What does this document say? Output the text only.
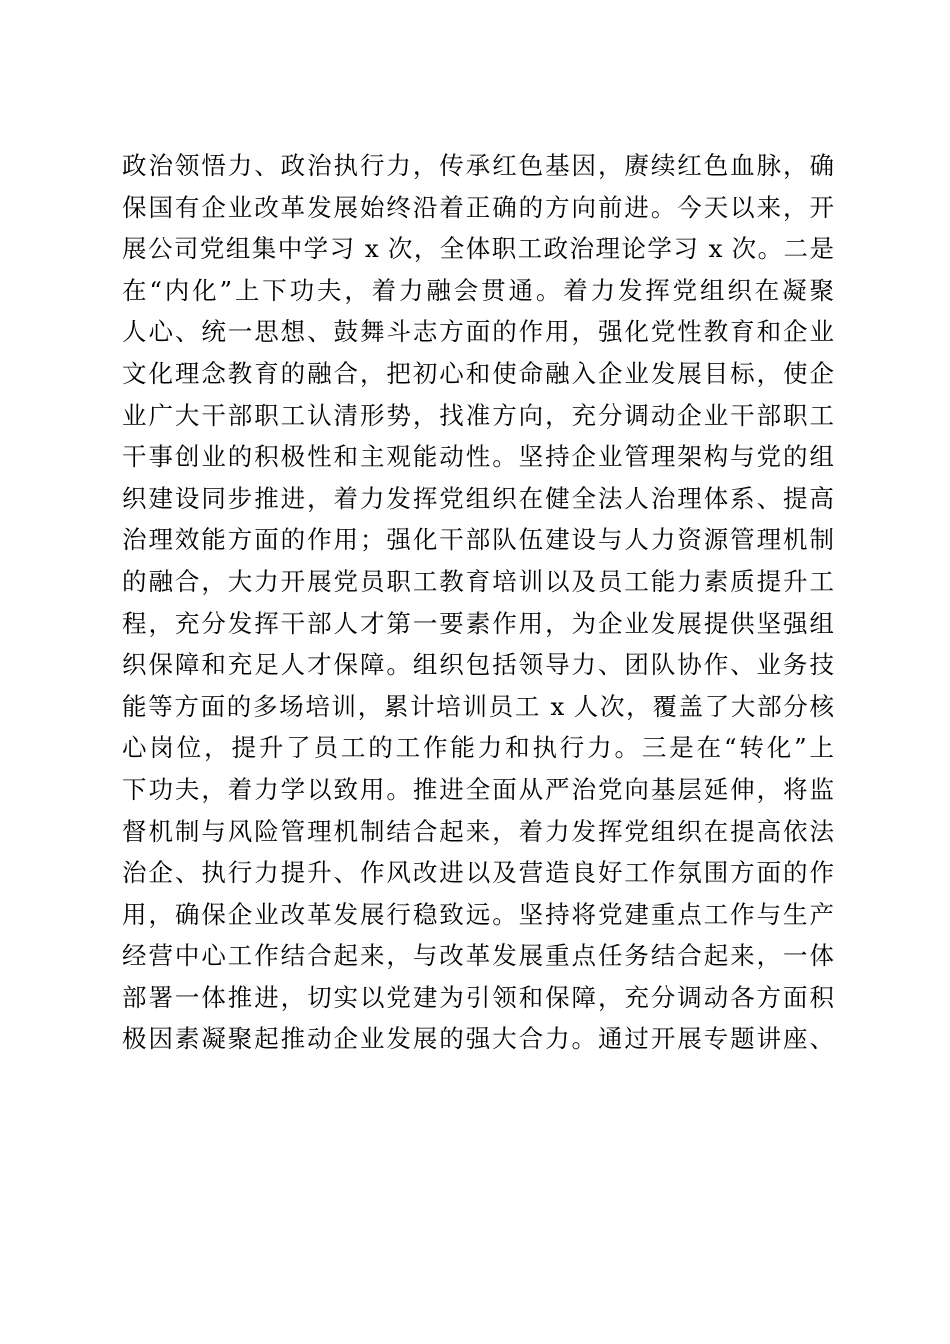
政治领悟力、政治执行力，传承红色基因，赓续红色血脉，确
保国有企业改革发展始终沿着正确的方向前进。今天以来，开
展公司党组集中学习 x 次，全体职工政治理论学习 x 次。二是
在“内化”上下功夫，着力融会贯通。着力发挥党组织在凝聚
人心、统一思想、鼓舞斗志方面的作用，强化党性教育和企业
文化理念教育的融合，把初心和使命融入企业发展目标，使企
业广大干部职工认清形势，找准方向，充分调动企业干部职工
干事创业的积极性和主观能动性。坚持企业管理架构与党的组
织建设同步推进，着力发挥党组织在健全法人治理体系、提高
治理效能方面的作用；强化干部队伍建设与人力资源管理机制
的融合，大力开展党员职工教育培训以及员工能力素质提升工
程，充分发挥干部人才第一要素作用，为企业发展提供坚强组
织保障和充足人才保障。组织包括领导力、团队协作、业务技
能等方面的多场培训，累计培训员工 x 人次，覆盖了大部分核
心岗位，提升了员工的工作能力和执行力。三是在“转化”上
下功夫，着力学以致用。推进全面从严治党向基层延伸，将监
督机制与风险管理机制结合起来，着力发挥党组织在提高依法
治企、执行力提升、作风改进以及营造良好工作氛围方面的作
用，确保企业改革发展行稳致远。坚持将党建重点工作与生产
经营中心工作结合起来，与改革发展重点任务结合起来，一体
部署一体推进，切实以党建为引领和保障，充分调动各方面积
极因素凝聚起推动企业发展的强大合力。通过开展专题讲座、
